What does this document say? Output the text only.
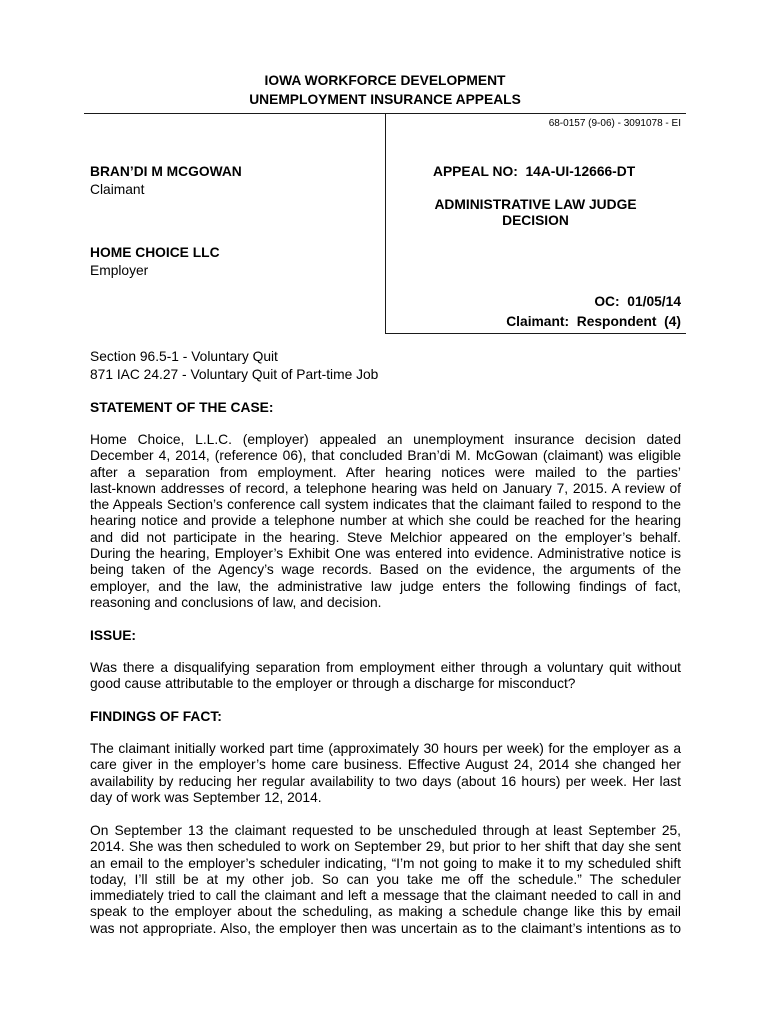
IOWA WORKFORCE DEVELOPMENT
UNEMPLOYMENT INSURANCE APPEALS
68-0157 (9-06) - 3091078 - EI
BRAN’DI M MCGOWAN
Claimant
HOME CHOICE LLC
Employer
APPEAL NO:  14A-UI-12666-DT
ADMINISTRATIVE LAW JUDGE
DECISION
OC:  01/05/14
Claimant:  Respondent  (4)
Section 96.5-1 - Voluntary Quit
871 IAC 24.27 - Voluntary Quit of Part-time Job
STATEMENT OF THE CASE:
Home Choice, L.L.C. (employer) appealed an unemployment insurance decision dated
December 4, 2014, (reference 06), that concluded Bran’di M. McGowan (claimant) was eligible
after a separation from employment. After hearing notices were mailed to the parties’
last-known addresses of record, a telephone hearing was held on January 7, 2015. A review of
the Appeals Section’s conference call system indicates that the claimant failed to respond to the
hearing notice and provide a telephone number at which she could be reached for the hearing
and did not participate in the hearing. Steve Melchior appeared on the employer’s behalf.
During the hearing, Employer’s Exhibit One was entered into evidence. Administrative notice is
being taken of the Agency’s wage records. Based on the evidence, the arguments of the
employer, and the law, the administrative law judge enters the following findings of fact,
reasoning and conclusions of law, and decision.
ISSUE:
Was there a disqualifying separation from employment either through a voluntary quit without
good cause attributable to the employer or through a discharge for misconduct?
FINDINGS OF FACT:
The claimant initially worked part time (approximately 30 hours per week) for the employer as a
care giver in the employer’s home care business. Effective August 24, 2014 she changed her
availability by reducing her regular availability to two days (about 16 hours) per week. Her last
day of work was September 12, 2014.
On September 13 the claimant requested to be unscheduled through at least September 25,
2014. She was then scheduled to work on September 29, but prior to her shift that day she sent
an email to the employer’s scheduler indicating, “I’m not going to make it to my scheduled shift
today, I’ll still be at my other job. So can you take me off the schedule.” The scheduler
immediately tried to call the claimant and left a message that the claimant needed to call in and
speak to the employer about the scheduling, as making a schedule change like this by email
was not appropriate. Also, the employer then was uncertain as to the claimant’s intentions as to
